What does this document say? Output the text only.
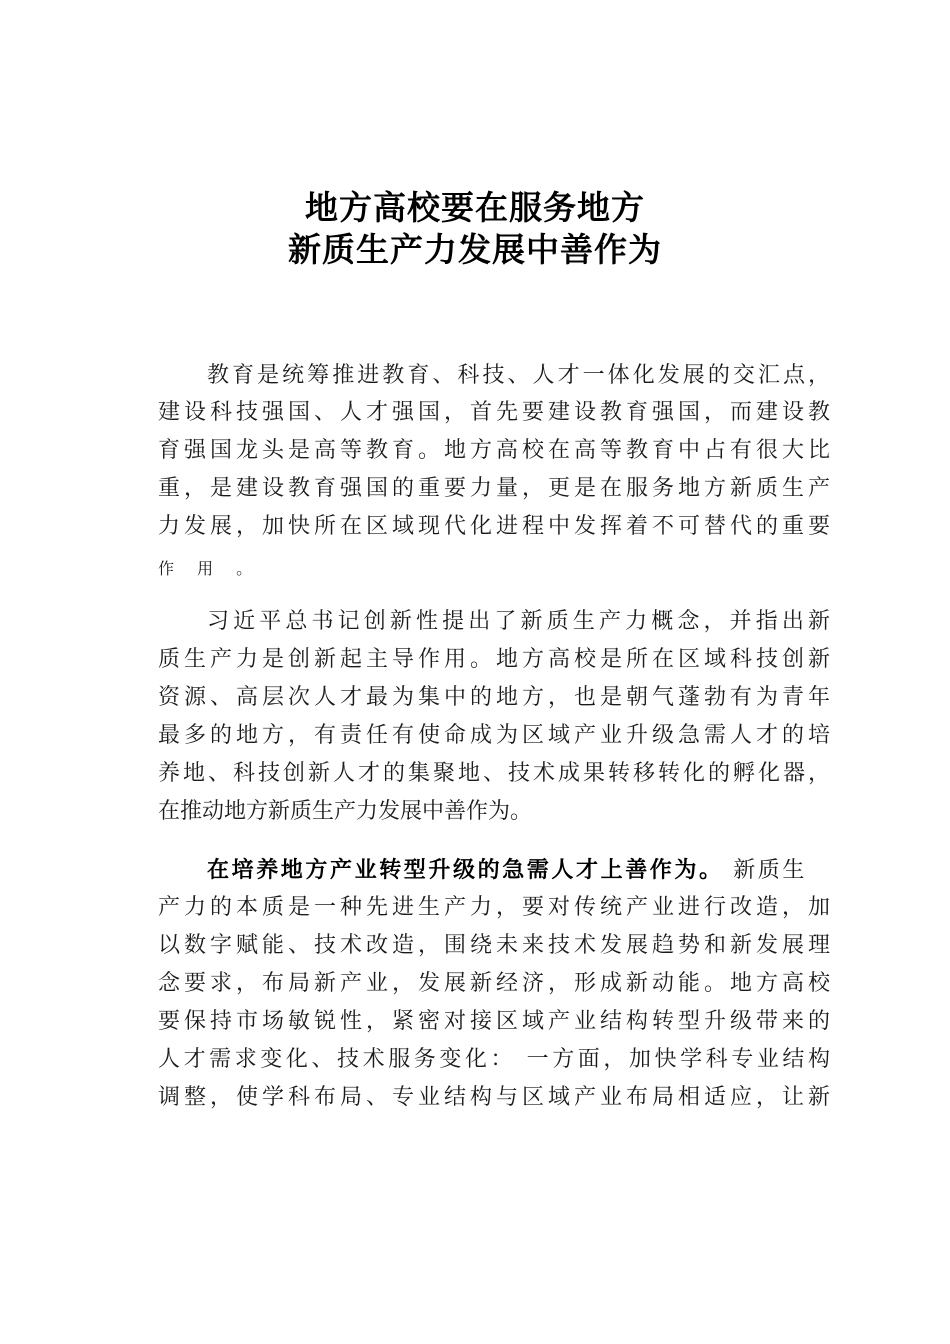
地方高校要在服务地方
新质生产力发展中善作为
教育是统筹推进教育、科技、人才一体化发展的交汇点，
建设科技强国、人才强国，首先要建设教育强国，而建设教
育强国龙头是高等教育。地方高校在高等教育中占有很大比
重，是建设教育强国的重要力量，更是在服务地方新质生产
力发展，加快所在区域现代化进程中发挥着不可替代的重要
作 用 。
习近平总书记创新性提出了新质生产力概念，并指出新
质生产力是创新起主导作用。地方高校是所在区域科技创新
资源、高层次人才最为集中的地方，也是朝气蓬勃有为青年
最多的地方，有责任有使命成为区域产业升级急需人才的培
养地、科技创新人才的集聚地、技术成果转移转化的孵化器，
在推动地方新质生产力发展中善作为。
在培养地方产业转型升级的急需人才上善作为。 新质生
产力的本质是一种先进生产力，要对传统产业进行改造，加
以数字赋能、技术改造，围绕未来技术发展趋势和新发展理
念要求，布局新产业，发展新经济，形成新动能。地方高校
要保持市场敏锐性，紧密对接区域产业结构转型升级带来的
人才需求变化、技术服务变化： 一方面，加快学科专业结构
调整，使学科布局、专业结构与区域产业布局相适应，让新
